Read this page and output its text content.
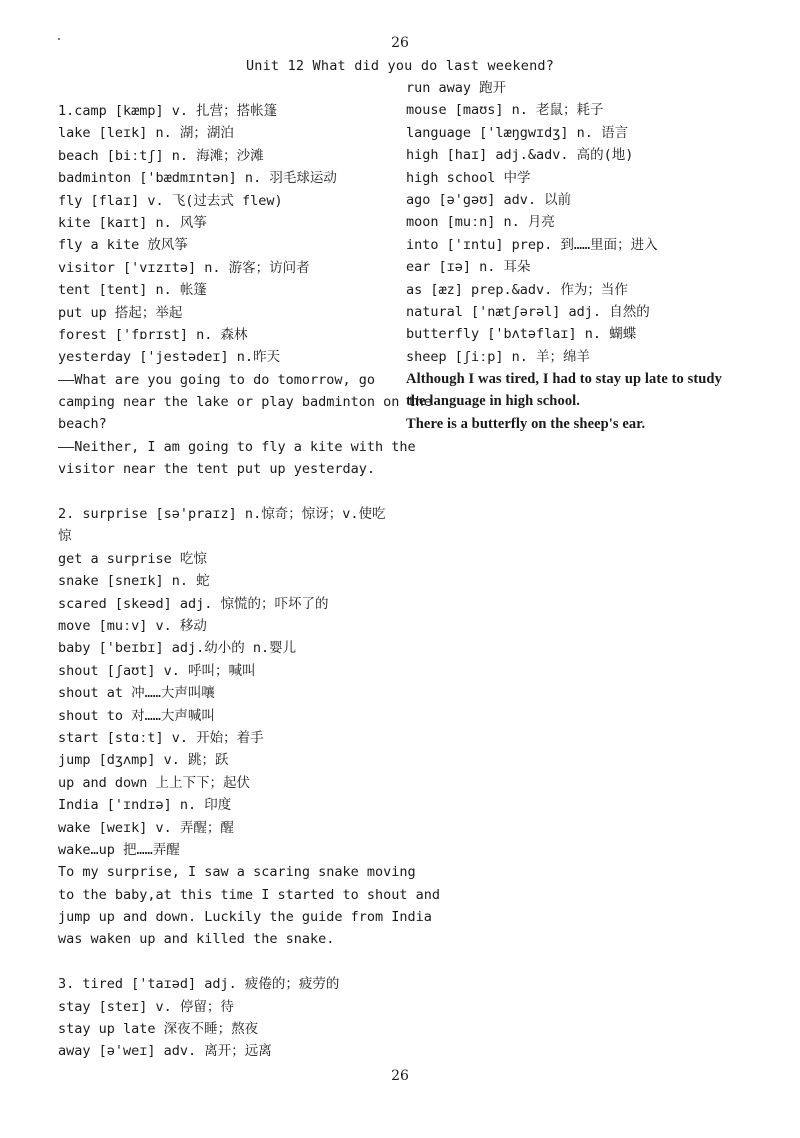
26
Unit 12 What did you do last weekend?
1.camp [kæmp] v. 扎营；搭帐篷
lake [leɪk] n. 湖；湖泊
beach [biːtʃ] n. 海滩；沙滩
badminton ['bædmɪntən] n. 羽毛球运动
fly [flaɪ] v. 飞(过去式 flew)
kite [kaɪt] n. 风筝
fly a kite 放风筝
visitor ['vɪzɪtə] n. 游客；访问者
tent [tent] n. 帐篷
put up 搭起；举起
forest ['fɒrɪst] n. 森林
yesterday ['jestədeɪ] n.昨天
——What are you going to do tomorrow, go
camping near the lake or play badminton on the
beach?
——Neither, I am going to fly a kite with the
visitor near the tent put up yesterday.
2. surprise [sə'praɪz] n.惊奇；惊讶；v.使吃
惊
get a surprise 吃惊
snake [sneɪk] n. 蛇
scared [skeəd] adj. 惊慌的；吓坏了的
move [muːv] v. 移动
baby ['beɪbɪ] adj.幼小的 n.婴儿
shout [ʃaʊt] v. 呼叫；喊叫
shout at 冲……大声叫嚷
shout to 对……大声喊叫
start [stɑːt] v. 开始；着手
jump [dʒʌmp] v. 跳；跃
up and down 上上下下；起伏
India ['ɪndɪə] n. 印度
wake [weɪk] v. 弄醒；醒
wake…up 把……弄醒
To my surprise, I saw a scaring snake moving
to the baby,at this time I started to shout and
jump up and down. Luckily the guide from India
was waken up and killed the snake.
3. tired ['taɪəd] adj. 疲倦的；疲劳的
stay [steɪ] v. 停留；待
stay up late 深夜不睡；熬夜
away [ə'weɪ] adv. 离开；远离
run away 跑开
mouse [maʊs] n. 老鼠；耗子
language ['læŋgwɪdʒ] n. 语言
high [haɪ] adj.&adv. 高的(地)
high school 中学
ago [ə'gəʊ] adv. 以前
moon [muːn] n. 月亮
into ['ɪntu] prep. 到……里面；进入
ear [ɪə] n. 耳朵
as [æz] prep.&adv. 作为；当作
natural ['nætʃərəl] adj. 自然的
butterfly ['bʌtəflaɪ] n. 蝴蝶
sheep [ʃiːp] n. 羊；绵羊
Although I was tired, I had to stay up late to study
the language in high school.
There is a butterfly on the sheep's ear.
26
